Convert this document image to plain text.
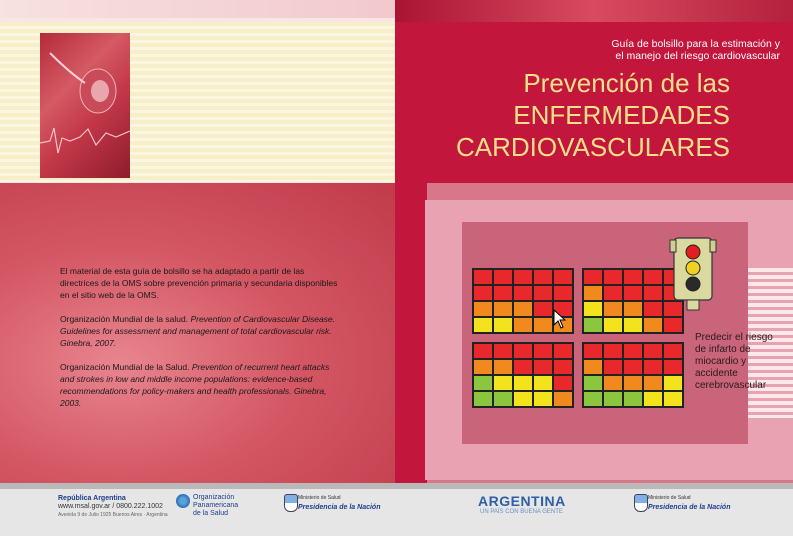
El material de esta guía de bolsillo se ha adaptado a partir de las directrices de la OMS sobre prevención primaria y secundaria disponibles en el sitio web de la OMS.

Organización Mundial de la salud. Prevention of Cardiovascular Disease. Guidelines for assessment and management of total cardiovascular risk. Ginebra, 2007.

Organización Mundial de la Salud. Prevention of recurrent heart attacks and strokes in low and middle income populations: evidence-based recommendations for policy-makers and health professionals. Ginebra, 2003.

Guía de bolsillo para la estimación y
el manejo del riesgo cardiovascular
Prevención de las
ENFERMEDADES
CARDIOVASCULARES
Predecir el riesgo de infarto de miocardio y accidente cerebrovascular
República Argentina
www.msal.gov.ar / 0800.222.1002
Avenida 9 de Julio 1925 Buenos Aires · Argentina
Organización Panamericana de la Salud
Ministerio de Salud
Presidencia de la Nación	ARGENTINA
UN PAÍS CON BUENA GENTE
Ministerio de Salud
Presidencia de la Nación
